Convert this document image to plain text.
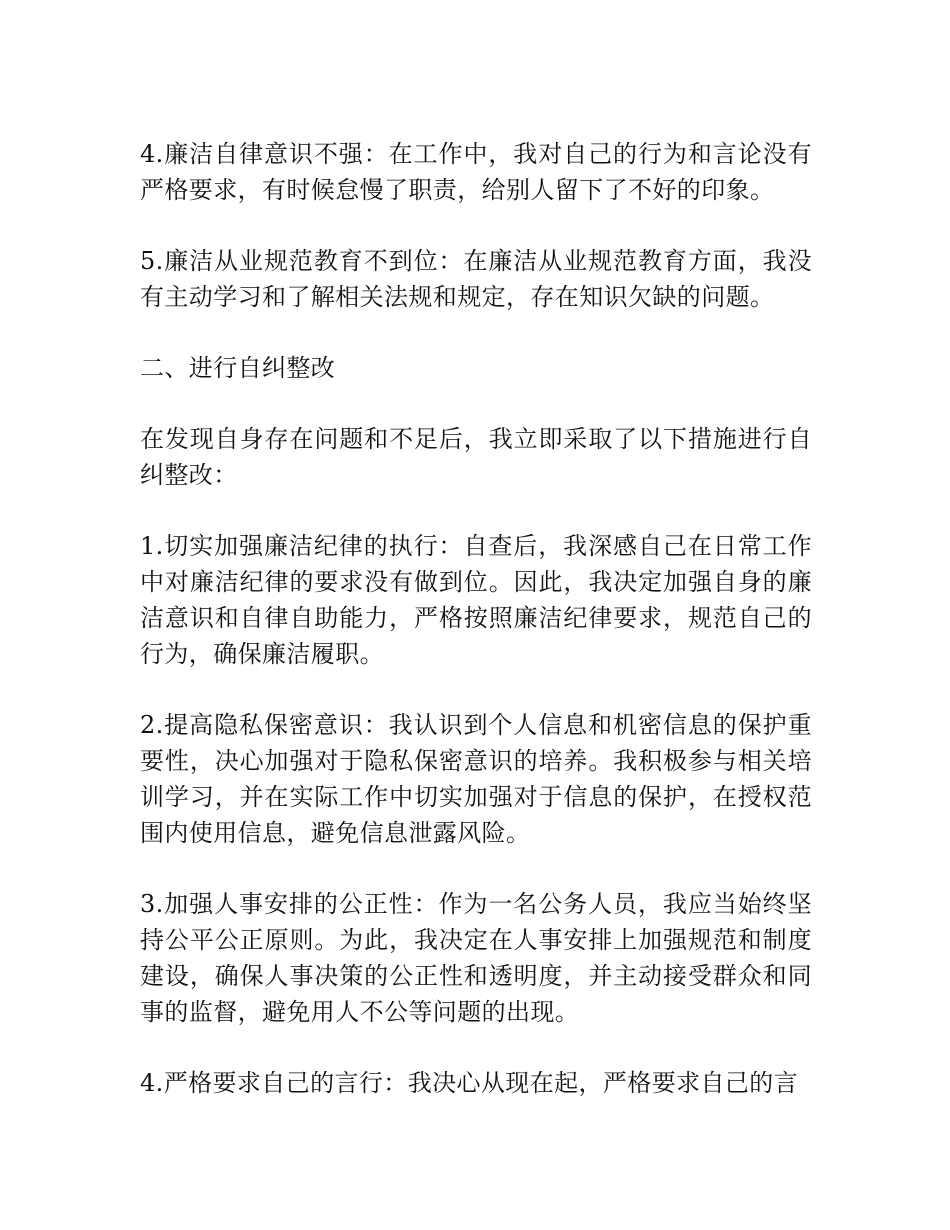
4.廉洁自律意识不强：在工作中，我对自己的行为和言论没有严格要求，有时候怠慢了职责，给别人留下了不好的印象。

5.廉洁从业规范教育不到位：在廉洁从业规范教育方面，我没有主动学习和了解相关法规和规定，存在知识欠缺的问题。

二、进行自纠整改

在发现自身存在问题和不足后，我立即采取了以下措施进行自纠整改：

1.切实加强廉洁纪律的执行：自查后，我深感自己在日常工作中对廉洁纪律的要求没有做到位。因此，我决定加强自身的廉洁意识和自律自助能力，严格按照廉洁纪律要求，规范自己的行为，确保廉洁履职。

2.提高隐私保密意识：我认识到个人信息和机密信息的保护重要性，决心加强对于隐私保密意识的培养。我积极参与相关培训学习，并在实际工作中切实加强对于信息的保护，在授权范围内使用信息，避免信息泄露风险。

3.加强人事安排的公正性：作为一名公务人员，我应当始终坚持公平公正原则。为此，我决定在人事安排上加强规范和制度建设，确保人事决策的公正性和透明度，并主动接受群众和同事的监督，避免用人不公等问题的出现。

4.严格要求自己的言行：我决心从现在起，严格要求自己的言
